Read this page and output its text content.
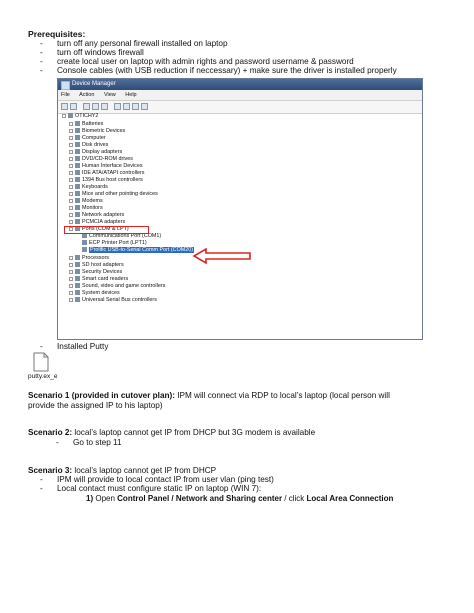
Prerequisites:
- turn off any personal firewall installed on laptop
- turn off windows firewall
- create local user on laptop with admin rights and password username & password
- Console cables (with USB reduction if neccessary) + make sure the driver is installed properly
Device Manager
File Action View Help
OTICHY2
Batteries
Biometric Devices
Computer
Disk drives
Display adapters
DVD/CD-ROM drives
Human Interface Devices
IDE ATA/ATAPI controllers
1394 Bus host controllers
Keyboards
Mice and other pointing devices
Modems
Monitors
Network adapters
PCMCIA adapters
Ports (COM & LPT)
Communications Port (COM1)
ECP Printer Port (LPT1)
Prolific USB-to-Serial Comm Port (COM20)
Processors
SD host adapters
Security Devices
Smart card readers
Sound, video and game controllers
System devices
Universal Serial Bus controllers
- Installed Putty
putty.ex_e
Scenario 1 (provided in cutover plan): IPM will connect via RDP to local’s laptop (local person will
provide the assigned IP to his laptop)
Scenario 2: local’s laptop cannot get IP from DHCP but 3G modem is available
- Go to step 11
Scenario 3: local’s laptop cannot get IP from DHCP
- IPM will provide to local contact IP from user vlan (ping test)
- Local contact must configure static IP on laptop (WIN 7):
1) Open Control Panel / Network and Sharing center / click Local Area Connection
